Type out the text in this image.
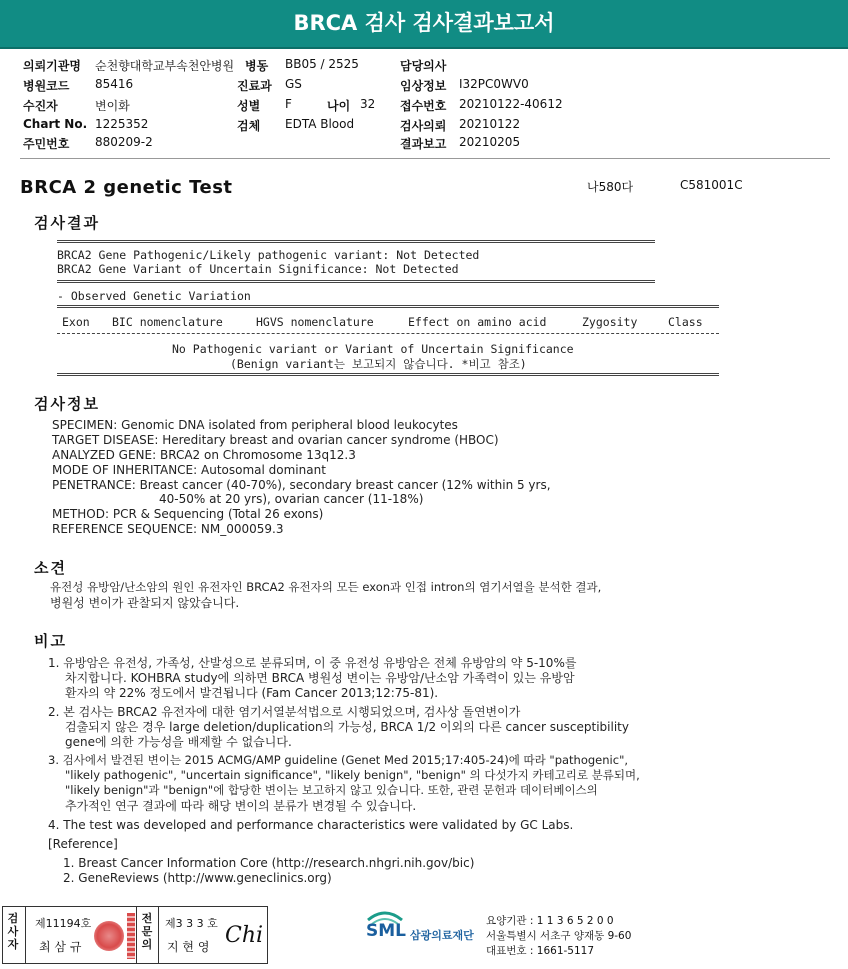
BRCA 검사 검사결과보고서
의뢰기관명 순천향대학교부속천안병원 병동 BB05 / 2525	담당의사
병원코드 85416	진료과 GS	임상정보 I32PC0WV0
수진자	변이화	성별 F	나이 32 접수번호 20210122-40612
Chart No. 1225352	검체 EDTA Blood	검사의뢰 20210122
주민번호 880209-2	결과보고 20210205
BRCA 2 genetic Test	나580다	C581001C
검사결과
BRCA2 Gene Pathogenic/Likely pathogenic variant: Not Detected
BRCA2 Gene Variant of Uncertain Significance: Not Detected
- Observed Genetic Variation
Exon BIC nomenclature	HGVS nomenclature	Effect on amino acid	Zygosity	Class
No Pathogenic variant or Variant of Uncertain Significance
(Benign variant는 보고되지 않습니다. *비고 참조)
검사정보
SPECIMEN: Genomic DNA isolated from peripheral blood leukocytes
TARGET DISEASE: Hereditary breast and ovarian cancer syndrome (HBOC)
ANALYZED GENE: BRCA2 on Chromosome 13q12.3
MODE OF INHERITANCE: Autosomal dominant
PENETRANCE: Breast cancer (40-70%), secondary breast cancer (12% within 5 yrs,
40-50% at 20 yrs), ovarian cancer (11-18%)
METHOD: PCR & Sequencing (Total 26 exons)
REFERENCE SEQUENCE: NM_000059.3
소견
유전성 유방암/난소암의 원인 유전자인 BRCA2 유전자의 모든 exon과 인접 intron의 염기서열을 분석한 결과,
병원성 변이가 관찰되지 않았습니다.
비고
1. 유방암은 유전성, 가족성, 산발성으로 분류되며, 이 중 유전성 유방암은 전체 유방암의 약 5-10%를
차지합니다. KOHBRA study에 의하면 BRCA 병원성 변이는 유방암/난소암 가족력이 있는 유방암
환자의 약 22% 정도에서 발견됩니다 (Fam Cancer 2013;12:75-81).
2. 본 검사는 BRCA2 유전자에 대한 염기서열분석법으로 시행되었으며, 검사상 돌연변이가
검출되지 않은 경우 large deletion/duplication의 가능성, BRCA 1/2 이외의 다른 cancer susceptibility
gene에 의한 가능성을 배제할 수 없습니다.
3. 검사에서 발견된 변이는 2015 ACMG/AMP guideline (Genet Med 2015;17:405-24)에 따라 "pathogenic",
"likely pathogenic", "uncertain significance", "likely benign", "benign" 의 다섯가지 카테고리로 분류되며,
"likely benign"과 "benign"에 합당한 변이는 보고하지 않고 있습니다. 또한, 관련 문헌과 데이터베이스의
추가적인 연구 결과에 따라 해당 변이의 분류가 변경될 수 있습니다.
4. The test was developed and performance characteristics were validated by GC Labs.
[Reference]
1. Breast Cancer Information Core (http://research.nhgri.nih.gov/bic)
2. GeneReviews (http://www.geneclinics.org)
검사자
제11194호
최 삼 규
전문의
제3 3 3 호
지 현 영 Chi	SML 삼광의료재단
요양기관 : 1 1 3 6 5 2 0 0
서울특별시 서초구 양재동 9-60
대표번호 : 1661-5117
